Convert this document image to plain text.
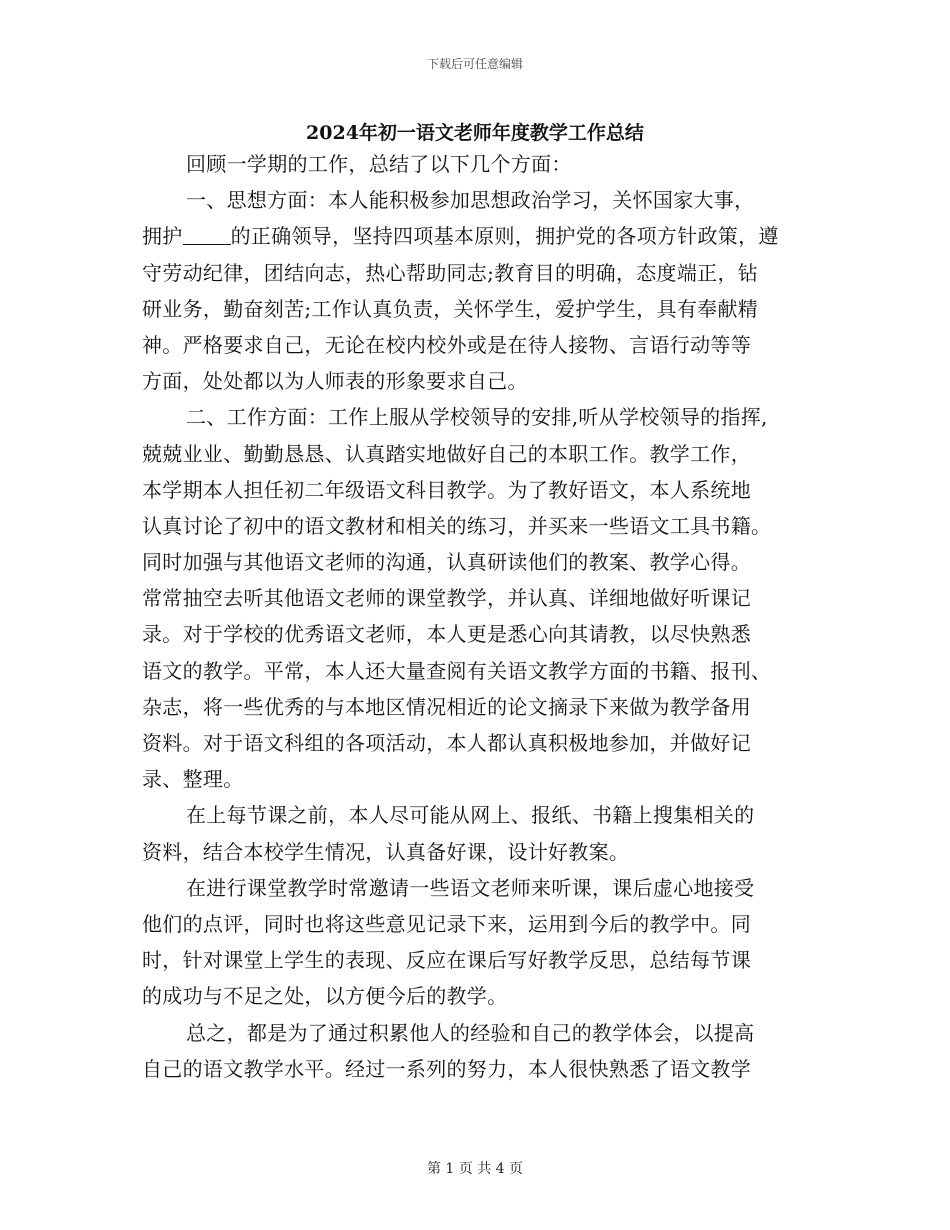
下载后可任意编辑
2024年初一语文老师年度教学工作总结
回顾一学期的工作，总结了以下几个方面：
一、思想方面：本人能积极参加思想政治学习，关怀国家大事，
拥护 的正确领导，坚持四项基本原则，拥护党的各项方针政策，遵
守劳动纪律，团结向志，热心帮助同志;教育目的明确，态度端正，钻
研业务，勤奋刻苦;工作认真负责，关怀学生，爱护学生，具有奉献精
神。严格要求自己，无论在校内校外或是在待人接物、言语行动等等
方面，处处都以为人师表的形象要求自己。
二、工作方面：工作上服从学校领导的安排,听从学校领导的指挥,
兢兢业业、勤勤恳恳、认真踏实地做好自己的本职工作。教学工作，
本学期本人担任初二年级语文科目教学。为了教好语文，本人系统地
认真讨论了初中的语文教材和相关的练习，并买来一些语文工具书籍。
同时加强与其他语文老师的沟通，认真研读他们的教案、教学心得。
常常抽空去听其他语文老师的课堂教学，并认真、详细地做好听课记
录。对于学校的优秀语文老师，本人更是悉心向其请教，以尽快熟悉
语文的教学。平常，本人还大量查阅有关语文教学方面的书籍、报刊、
杂志，将一些优秀的与本地区情况相近的论文摘录下来做为教学备用
资料。对于语文科组的各项活动，本人都认真积极地参加，并做好记
录、整理。
在上每节课之前，本人尽可能从网上、报纸、书籍上搜集相关的
资料，结合本校学生情况，认真备好课，设计好教案。
在进行课堂教学时常邀请一些语文老师来听课，课后虚心地接受
他们的点评，同时也将这些意见记录下来，运用到今后的教学中。同
时，针对课堂上学生的表现、反应在课后写好教学反思，总结每节课
的成功与不足之处，以方便今后的教学。
总之，都是为了通过积累他人的经验和自己的教学体会，以提高
自己的语文教学水平。经过一系列的努力，本人很快熟悉了语文教学
第 1 页 共 4 页
